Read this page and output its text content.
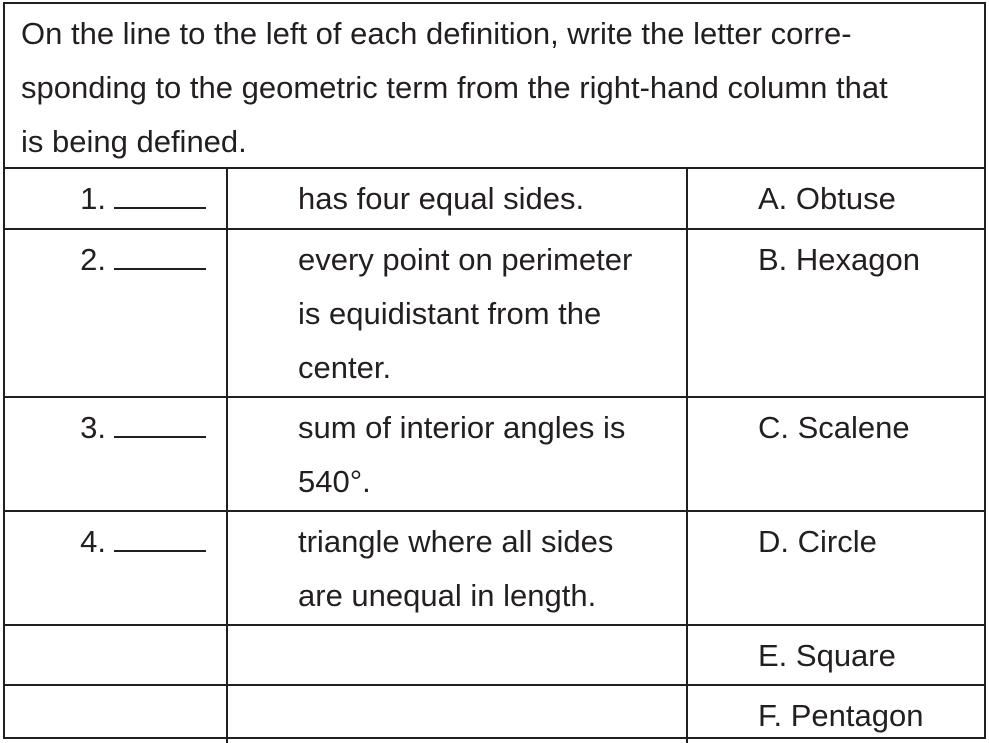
On the line to the left of each definition, write the letter corre-
sponding to the geometric term from the right-hand column that
is being defined.
1.	has four equal sides.	A. Obtuse
2.	every point on perimeter
is equidistant from the
center.	B. Hexagon
3.	sum of interior angles is
540°.	C. Scalene
4.	triangle where all sides
are unequal in length.	D. Circle
		E. Square
		F. Pentagon
